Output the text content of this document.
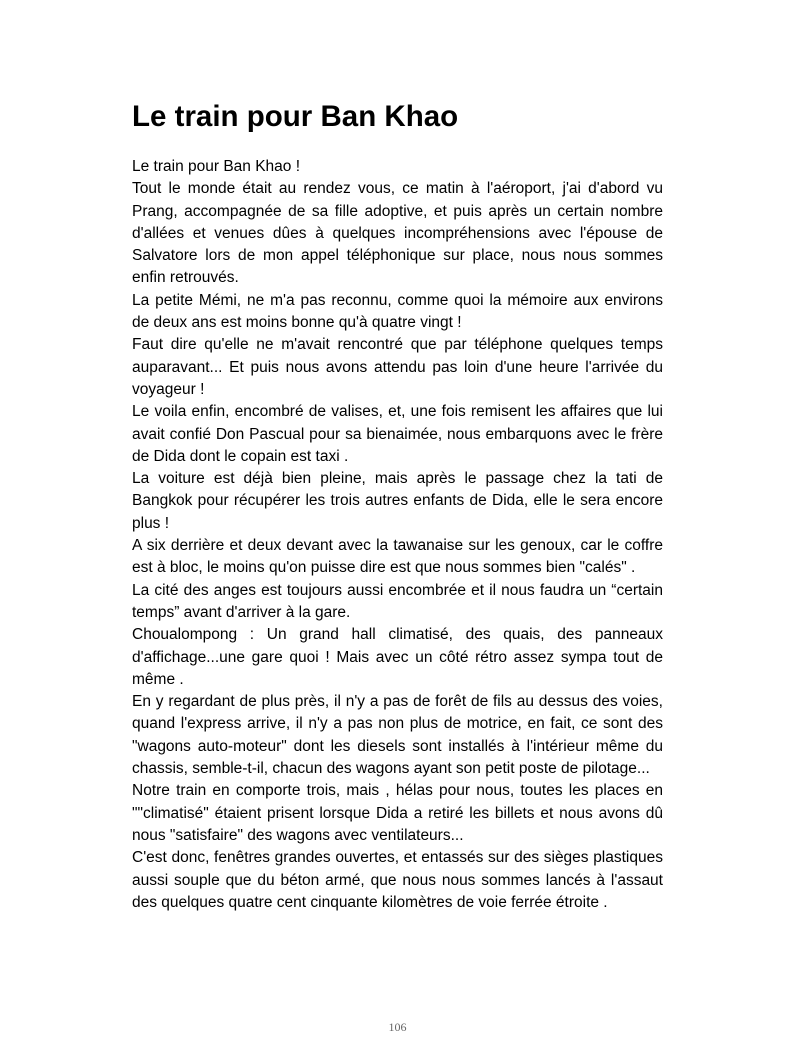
Le train pour Ban Khao

Le train pour Ban Khao !

Tout le monde était au rendez vous, ce matin à l'aéroport, j'ai d'abord vu Prang, accompagnée de sa fille adoptive, et puis après un certain nombre d'allées et venues dûes à quelques incompréhensions avec l'épouse de Salvatore lors de mon appel téléphonique sur place, nous nous sommes enfin retrouvés.

La petite Mémi, ne m'a pas reconnu, comme quoi la mémoire aux environs de deux ans est moins bonne qu'à quatre vingt !

Faut dire qu'elle ne m'avait rencontré que par téléphone quelques temps auparavant... Et puis nous avons attendu pas loin d'une heure l'arrivée du voyageur !

Le voila enfin, encombré de valises, et, une fois remisent les affaires que lui avait confié Don Pascual pour sa bienaimée, nous embarquons avec le frère de Dida dont le copain est taxi .

La voiture est déjà bien pleine, mais après le passage chez la tati de Bangkok pour récupérer les trois autres enfants de Dida, elle le sera encore plus !

A six derrière et deux devant avec la tawanaise sur les genoux, car le coffre est à bloc, le moins qu'on puisse dire est que nous sommes bien "calés" .

La cité des anges est toujours aussi encombrée et il nous faudra un “certain temps” avant d'arriver à la gare.

Choualompong : Un grand hall climatisé, des quais, des panneaux d'affichage...une gare quoi ! Mais avec un côté rétro assez sympa tout de même .

En y regardant de plus près, il n'y a pas de forêt de fils au dessus des voies, quand l'express arrive, il n'y a pas non plus de motrice, en fait, ce sont des "wagons auto-moteur" dont les diesels sont installés à l'intérieur même du chassis, semble-t-il, chacun des wagons ayant son petit poste de pilotage...

Notre train en comporte trois, mais , hélas pour nous, toutes les places en ""climatisé" étaient prisent lorsque Dida a retiré les billets et nous avons dû nous "satisfaire" des wagons avec ventilateurs...

C'est donc, fenêtres grandes ouvertes, et entassés sur des sièges plastiques aussi souple que du béton armé, que nous nous sommes lancés à l'assaut des quelques quatre cent cinquante kilomètres de voie ferrée étroite .

106
